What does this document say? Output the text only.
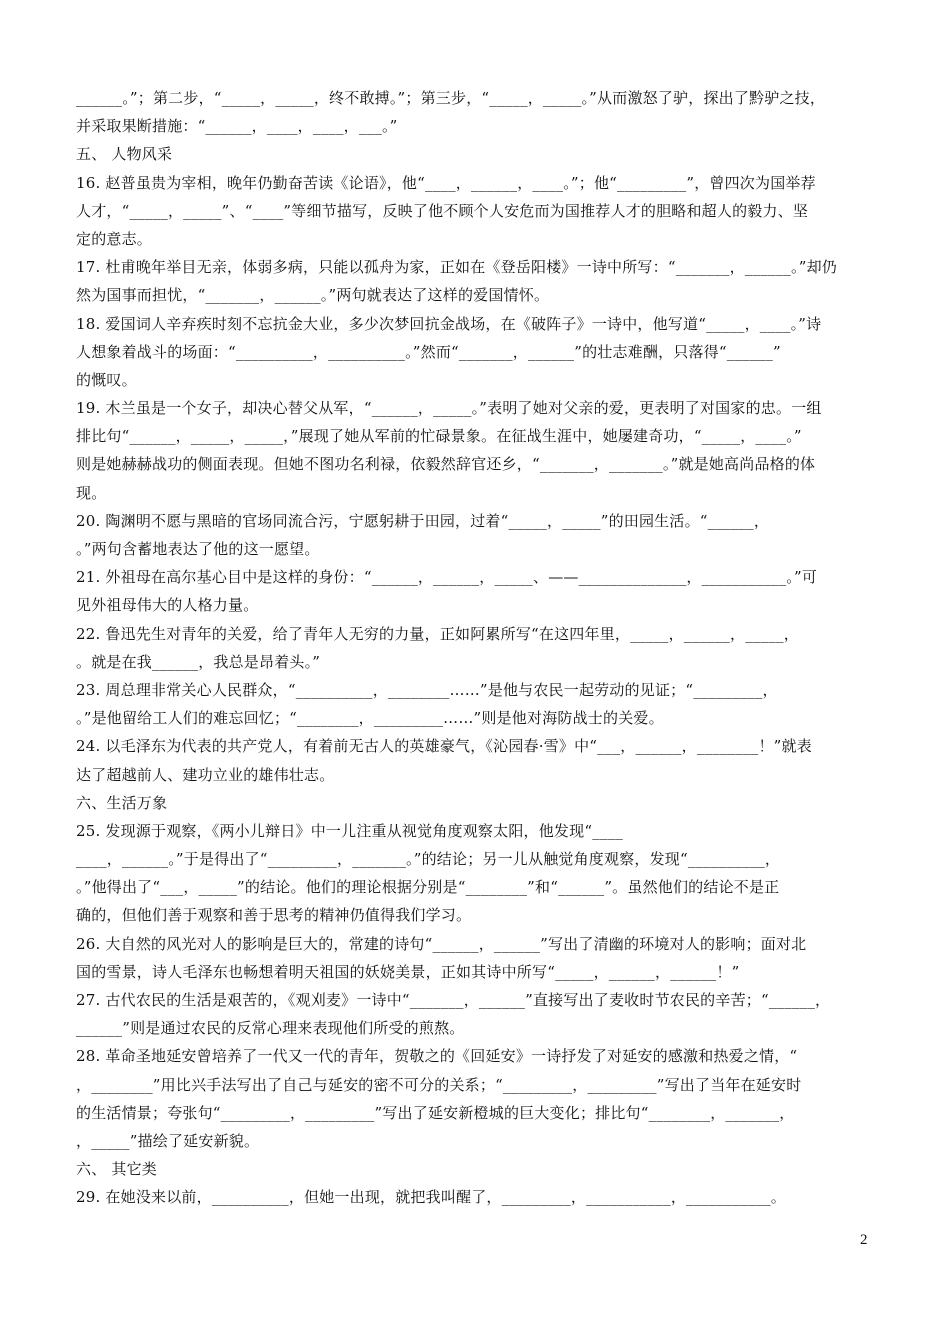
______。”；第二步，“_____，_____，终不敢搏。”；第三步，“_____，_____。”从而激怒了驴，探出了黔驴之技，
并采取果断措施：“______，____，____，___。”
五、 人物风采
16. 赵普虽贵为宰相，晚年仍勤奋苦读《论语》，他“____，______，____。”；他“_________”，曾四次为国举荐
人才，“_____，_____”、“____”等细节描写，反映了他不顾个人安危而为国推荐人才的胆略和超人的毅力、坚
定的意志。
17. 杜甫晚年举目无亲，体弱多病，只能以孤舟为家，正如在《登岳阳楼》一诗中所写：“_______，______。”却仍
然为国事而担忧，“_______，______。”两句就表达了这样的爱国情怀。
18. 爱国词人辛弃疾时刻不忘抗金大业，多少次梦回抗金战场，在《破阵子》一诗中，他写道“_____，____。”诗
人想象着战斗的场面：“__________，__________。”然而“_______，______”的壮志难酬，只落得“______”
的慨叹。
19. 木兰虽是一个女子，却决心替父从军，“______，_____。”表明了她对父亲的爱，更表明了对国家的忠。一组
排比句“______，_____，_____，”展现了她从军前的忙碌景象。在征战生涯中，她屡建奇功，“_____，____。”
则是她赫赫战功的侧面表现。但她不图功名利禄，依毅然辞官还乡，“_______，_______。”就是她高尚品格的体
现。
20. 陶渊明不愿与黑暗的官场同流合污，宁愿躬耕于田园，过着“_____，_____”的田园生活。“______，
。”两句含蓄地表达了他的这一愿望。
21. 外祖母在高尔基心目中是这样的身份：“______，______，_____、——______________，___________。”可
见外祖母伟大的人格力量。
22. 鲁迅先生对青年的关爱，给了青年人无穷的力量，正如阿累所写“在这四年里，_____，______，_____，
。就是在我______，我总是昂着头。”
23. 周总理非常关心人民群众，“__________，________……”是他与农民一起劳动的见证；“_________，
。”是他留给工人们的难忘回忆；“________，_________……”则是他对海防战士的关爱。
24. 以毛泽东为代表的共产党人，有着前无古人的英雄豪气，《沁园春·雪》中“___，______，________！”就表
达了超越前人、建功立业的雄伟壮志。
六、生活万象
25. 发现源于观察，《两小儿辩日》中一儿注重从视觉角度观察太阳，他发现“____
____，______。”于是得出了“_________，_______。”的结论；另一儿从触觉角度观察，发现“__________，
。”他得出了“___，_____”的结论。他们的理论根据分别是“________”和“______”。虽然他们的结论不是正
确的，但他们善于观察和善于思考的精神仍值得我们学习。
26. 大自然的风光对人的影响是巨大的，常建的诗句“______，______”写出了清幽的环境对人的影响；面对北
国的雪景，诗人毛泽东也畅想着明天祖国的妖娆美景，正如其诗中所写“_____，______，______！”
27. 古代农民的生活是艰苦的，《观刈麦》一诗中“_______，______”直接写出了麦收时节农民的辛苦；“______，
______”则是通过农民的反常心理来表现他们所受的煎熬。
28. 革命圣地延安曾培养了一代又一代的青年，贺敬之的《回延安》一诗抒发了对延安的感激和热爱之情，“
，________”用比兴手法写出了自己与延安的密不可分的关系；“_________，_________”写出了当年在延安时
的生活情景；夸张句“_________，_________”写出了延安新橙城的巨大变化；排比句“________，_______，
，_____”描绘了延安新貌。
六、 其它类
29. 在她没来以前，__________，但她一出现，就把我叫醒了，_________，___________，___________。
2
